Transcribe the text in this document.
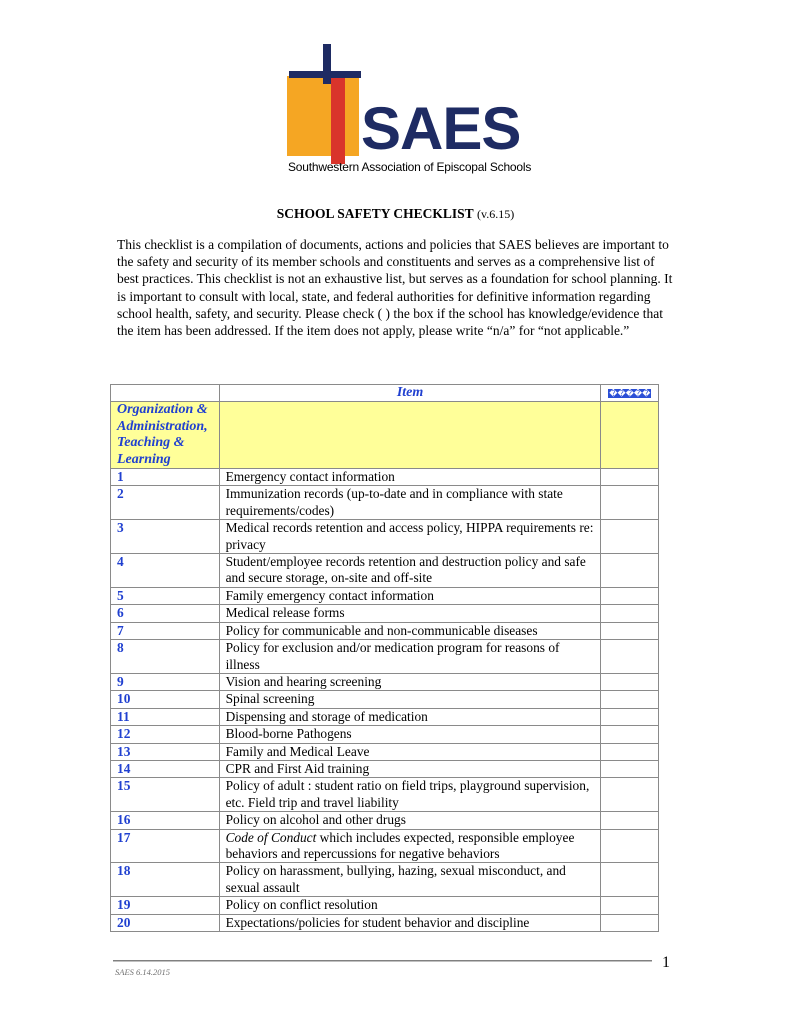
SAES
Southwestern Association of Episcopal Schools
SCHOOL SAFETY CHECKLIST (v.6.15)
This checklist is a compilation of documents, actions and policies that SAES believes are important to the safety and security of its member schools and constituents and serves as a comprehensive list of best practices. This checklist is not an exhaustive list, but serves as a foundation for school planning. It is important to consult with local, state, and federal authorities for definitive information regarding school health, safety, and security. Please check ( ) the box if the school has knowledge/evidence that the item has been addressed. If the item does not apply, please write “n/a” for “not applicable.”
	Item	�����
Organization & Administration, Teaching & Learning		
1	Emergency contact information	
2	Immunization records (up-to-date and in compliance with state requirements/codes)	
3	Medical records retention and access policy, HIPPA requirements re: privacy	
4	Student/employee records retention and destruction policy and safe and secure storage, on-site and off-site	
5	Family emergency contact information	
6	Medical release forms	
7	Policy for communicable and non-communicable diseases	
8	Policy for exclusion and/or medication program for reasons of illness	
9	Vision and hearing screening	
10	Spinal screening	
11	Dispensing and storage of medication	
12	Blood-borne Pathogens	
13	Family and Medical Leave	
14	CPR and First Aid training	
15	Policy of adult : student ratio on field trips, playground supervision, etc. Field trip and travel liability	
16	Policy on alcohol and other drugs	
17	Code of Conduct which includes expected, responsible employee behaviors and repercussions for negative behaviors	
18	Policy on harassment, bullying, hazing, sexual misconduct, and sexual assault	
19	Policy on conflict resolution	
20	Expectations/policies for student behavior and discipline	
SAES 6.14.2015
1
